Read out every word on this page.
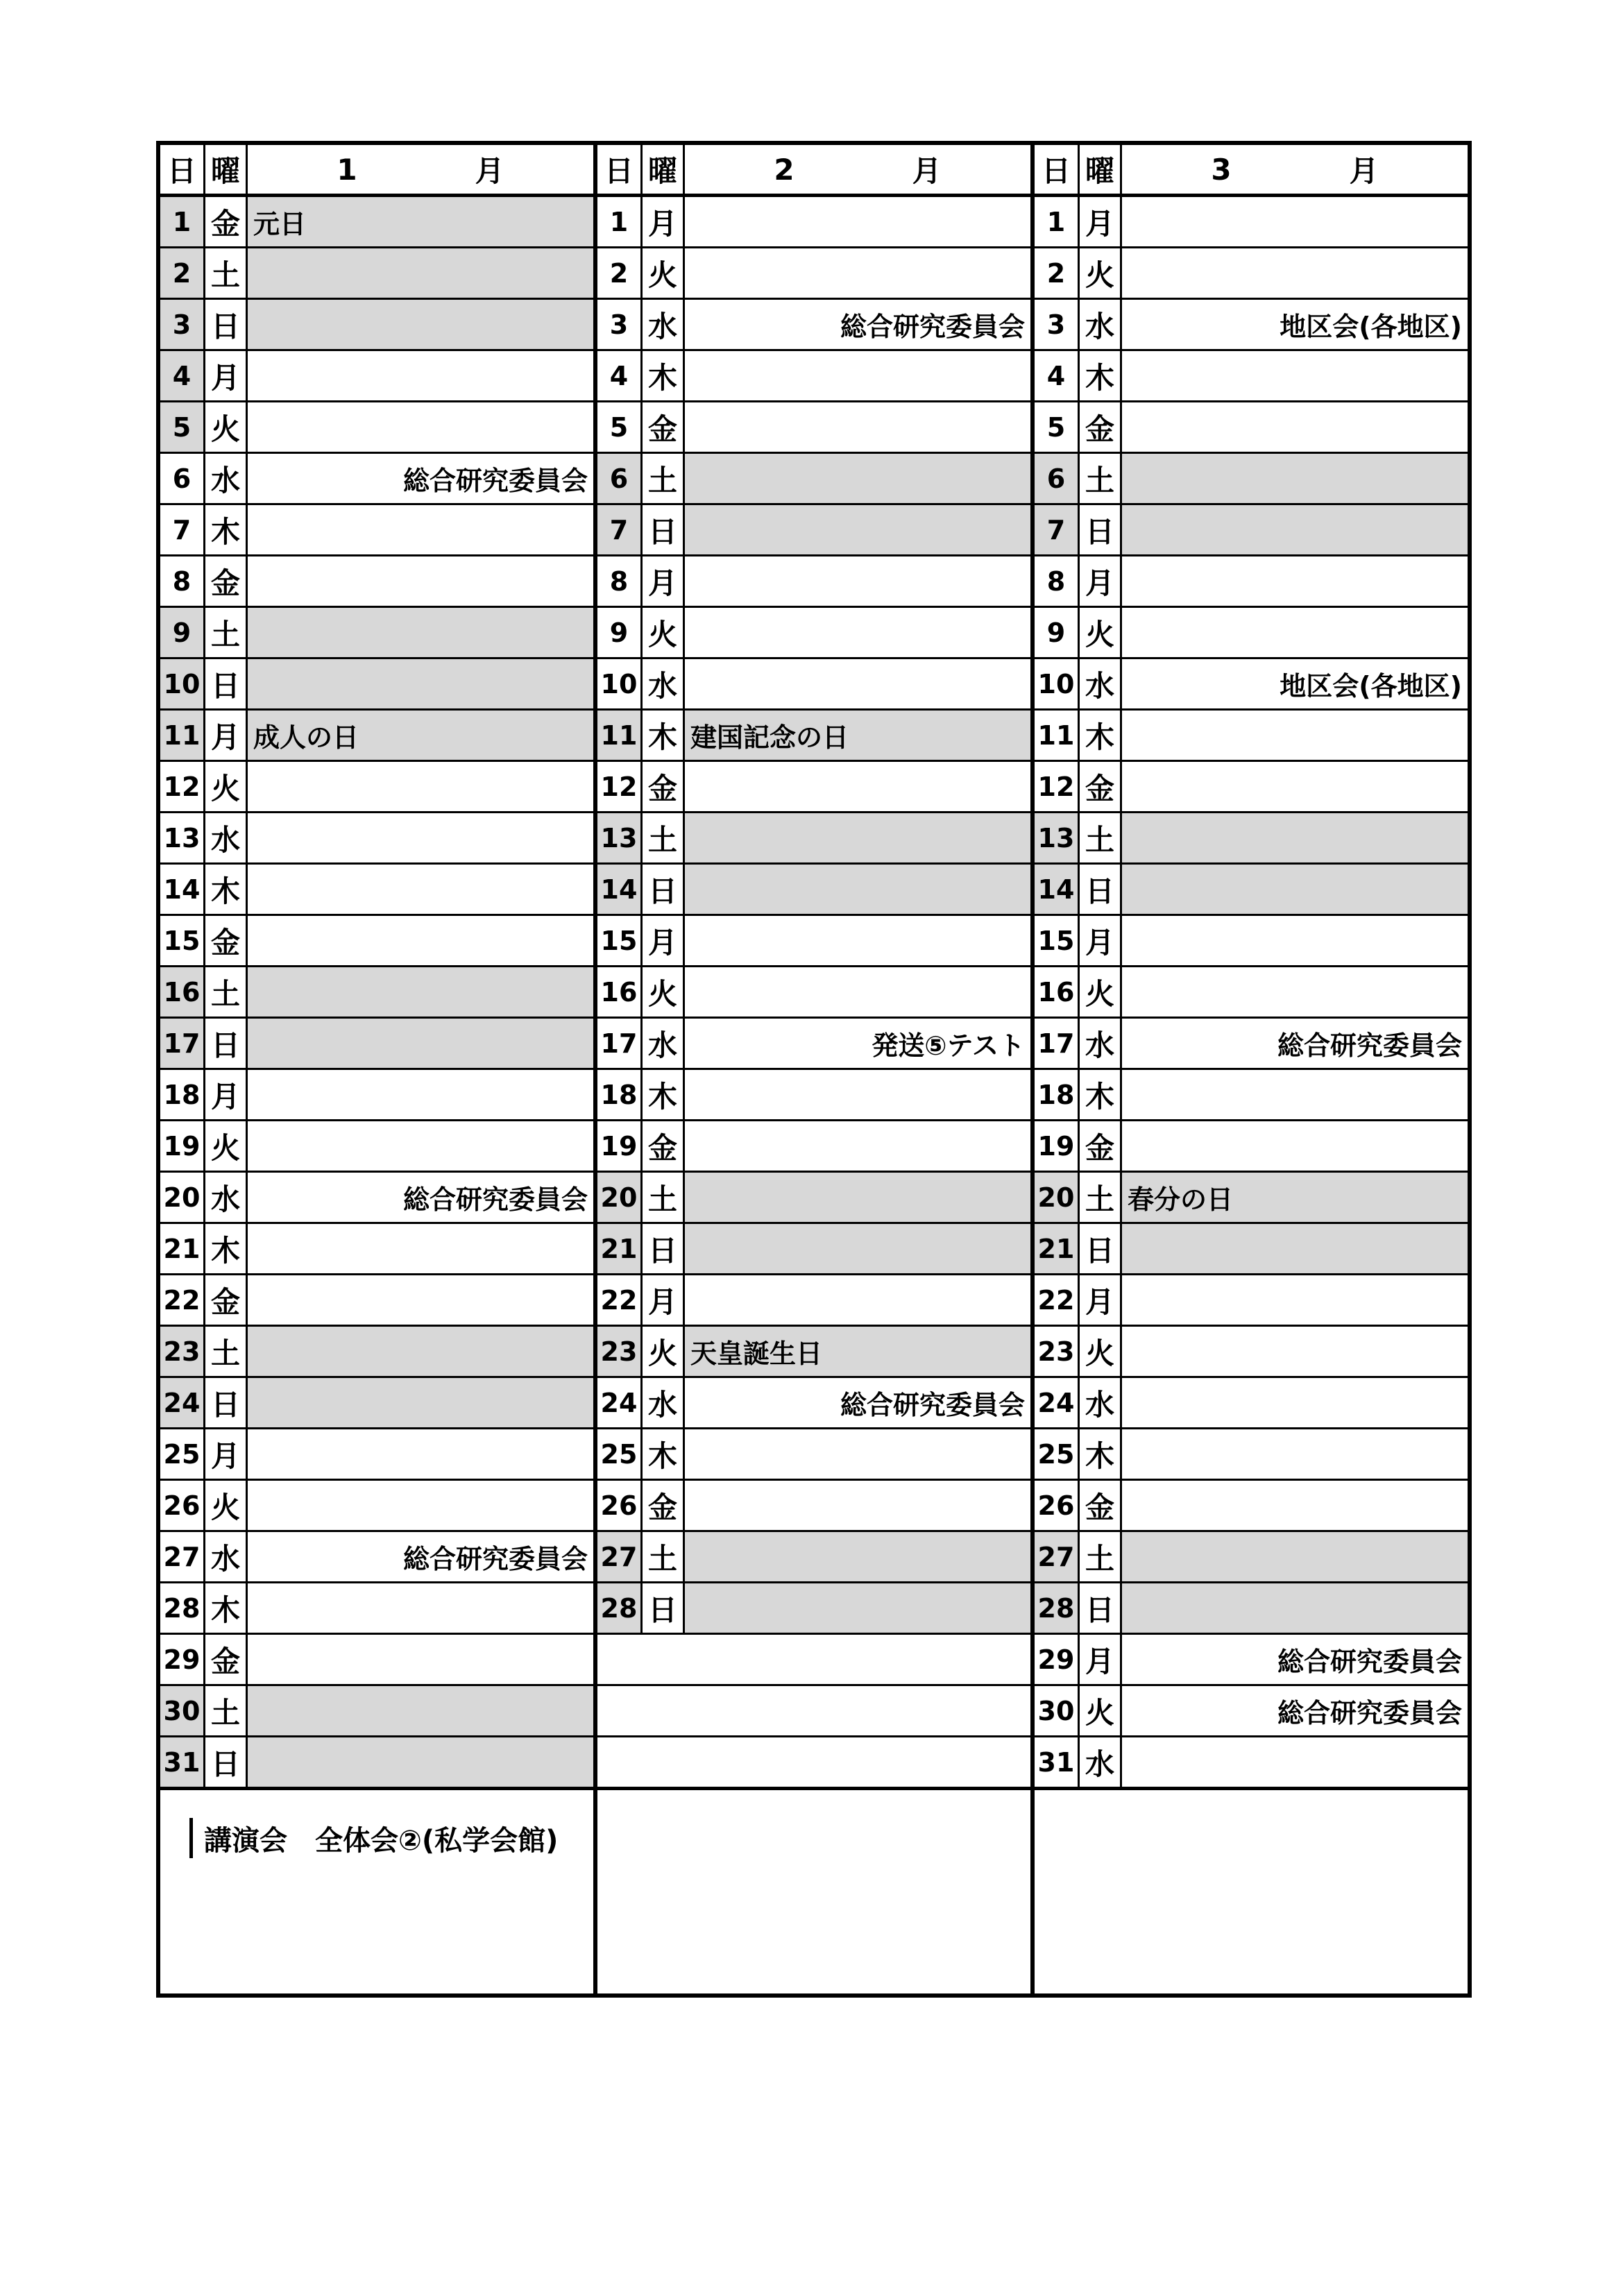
日 曜	1	月
1 金 元日
2 土
3 日
4 月
5 火
6 水	総合研究委員会
7 木
8 金
9 土
10 日
11 月 成人の日
12 火
13 水
14 木
15 金
16 土
17 日
18 月
19 火
20 水	総合研究委員会
21 木
22 金
23 土
24 日
25 月
26 火
27 水	総合研究委員会
28 木
29 金
30 土
31 日
講演会　全体会②(私学会館)
日 曜	2	月
1 月
2 火
3 水	総合研究委員会
4 木
5 金
6 土
7 日
8 月
9 火
10 水
11 木 建国記念の日
12 金
13 土
14 日
15 月
16 火
17 水	発送⑤テスト
18 木
19 金
20 土
21 日
22 月
23 火 天皇誕生日
24 水	総合研究委員会
25 木
26 金
27 土
28 日
日 曜	3	月
1 月
2 火
3 水	地区会(各地区)
4 木
5 金
6 土
7 日
8 月
9 火
10 水	地区会(各地区)
11 木
12 金
13 土
14 日
15 月
16 火
17 水	総合研究委員会
18 木
19 金
20 土 春分の日
21 日
22 月
23 火
24 水
25 木
26 金
27 土
28 日
29 月	総合研究委員会
30 火	総合研究委員会
31 水
